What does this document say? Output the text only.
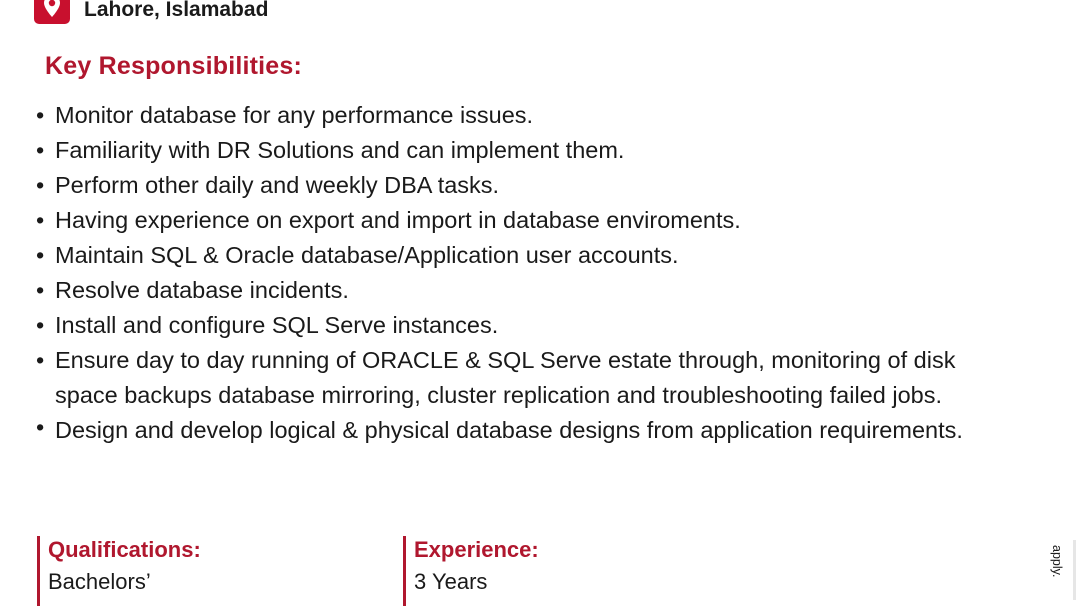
Lahore, Islamabad
Key Responsibilities:
• Monitor database for any performance issues.
• Familiarity with DR Solutions and can implement them.
• Perform other daily and weekly DBA tasks.
• Having experience on export and import in database enviroments.
• Maintain SQL & Oracle database/Application user accounts.
• Resolve database incidents.
• Install and configure SQL Serve instances.
• Ensure day to day running of ORACLE & SQL Serve estate through, monitoring of disk space backups database mirroring, cluster replication and troubleshooting failed jobs.
• Design and develop logical & physical database designs from application requirements.
Qualifications:
Bachelors’
Experience:
3 Years
apply.
